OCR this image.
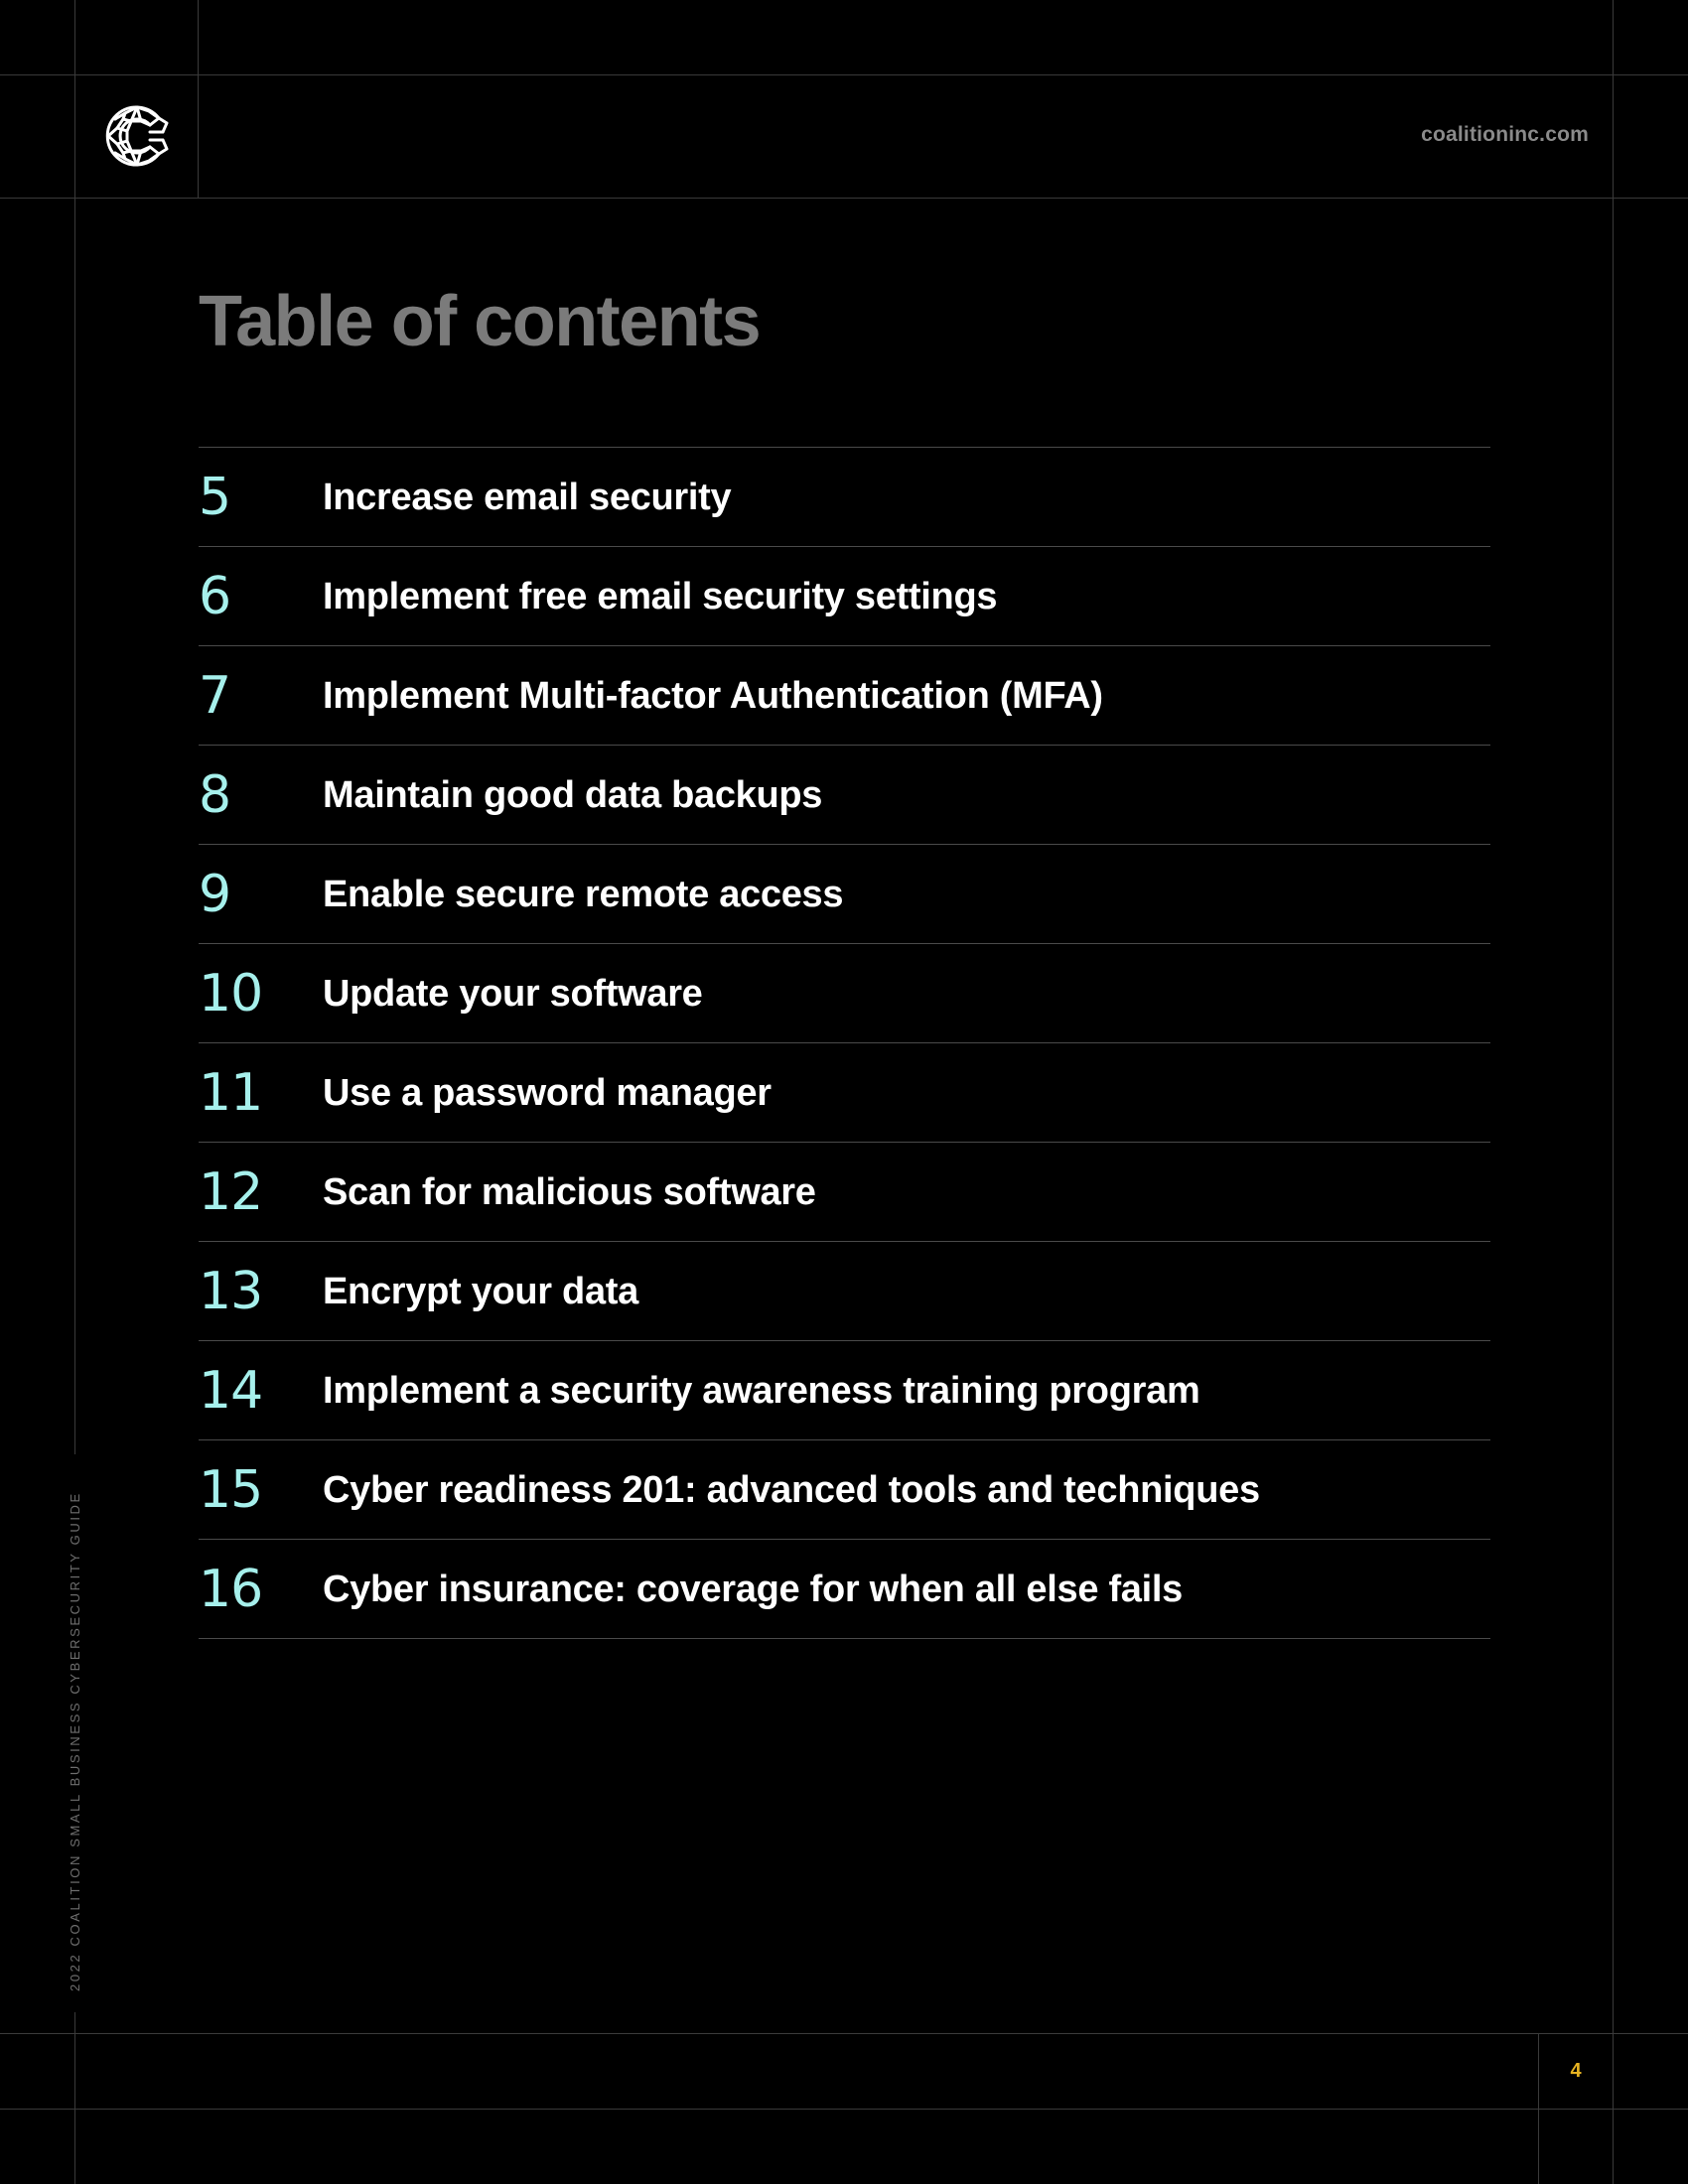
coalitioninc.com
Table of contents
5	Increase email security
6	Implement free email security settings
7	Implement Multi-factor Authentication (MFA)
8	Maintain good data backups
9	Enable secure remote access
10	Update your software
11	Use a password manager
12	Scan for malicious software
13	Encrypt your data
14	Implement a security awareness training program
15	Cyber readiness 201: advanced tools and techniques
16	Cyber insurance: coverage for when all else fails
2022 COALITION SMALL BUSINESS CYBERSECURITY GUIDE
4
